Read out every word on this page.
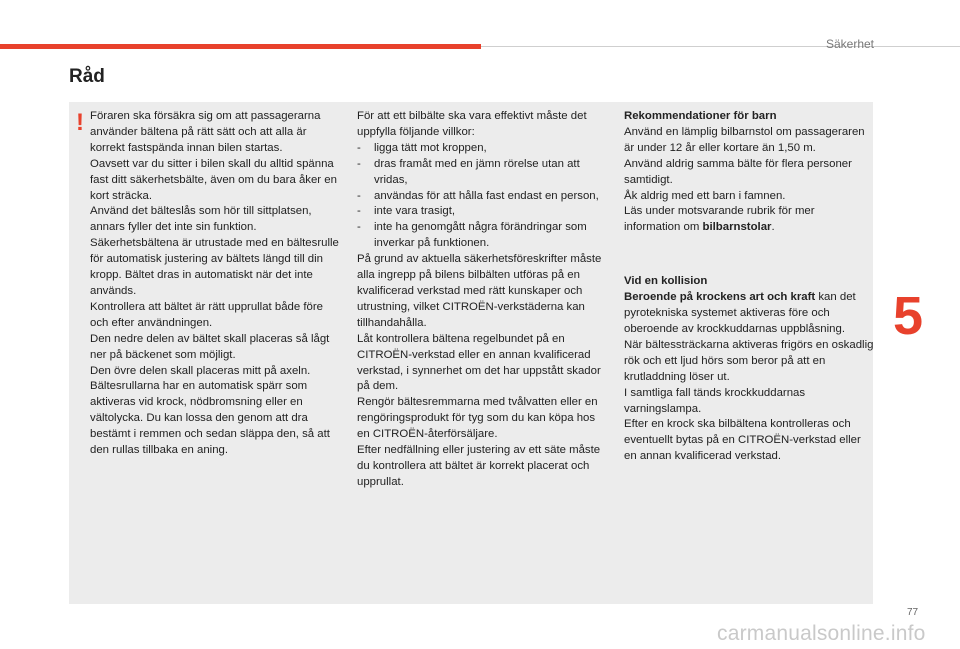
Säkerhet
Råd
! Föraren ska försäkra sig om att passagerarna använder bältena på rätt sätt och att alla är korrekt fastspända innan bilen startas.

Oavsett var du sitter i bilen skall du alltid spänna fast ditt säkerhetsbälte, även om du bara åker en kort sträcka.

Använd det bälteslås som hör till sittplatsen, annars fyller det inte sin funktion.

Säkerhetsbältena är utrustade med en bältesrulle för automatisk justering av bältets längd till din kropp. Bältet dras in automatiskt när det inte används.

Kontrollera att bältet är rätt upprullat både före och efter användningen.

Den nedre delen av bältet skall placeras så lågt ner på bäckenet som möjligt.

Den övre delen skall placeras mitt på axeln.

Bältesrullarna har en automatisk spärr som aktiveras vid krock, nödbromsning eller en vältolycka. Du kan lossa den genom att dra bestämt i remmen och sedan släppa den, så att den rullas tillbaka en aning.

För att ett bilbälte ska vara effektivt måste det uppfylla följande villkor:

-	ligga tätt mot kroppen,
-	dras framåt med en jämn rörelse utan att vridas,
-	användas för att hålla fast endast en person,
-	inte vara trasigt,
-	inte ha genomgått några förändringar som inverkar på funktionen.

På grund av aktuella säkerhetsföreskrifter måste alla ingrepp på bilens bilbälten utföras på en kvalificerad verkstad med rätt kunskaper och utrustning, vilket CITROËN-verkstäderna kan tillhandahålla.

Låt kontrollera bältena regelbundet på en CITROËN-verkstad eller en annan kvalificerad verkstad, i synnerhet om det har uppstått skador på dem.

Rengör bältesremmarna med tvålvatten eller en rengöringsprodukt för tyg som du kan köpa hos en CITROËN-återförsäljare.

Efter nedfällning eller justering av ett säte måste du kontrollera att bältet är korrekt placerat och upprullat.

Rekommendationer för barn

Använd en lämplig bilbarnstol om passageraren är under 12 år eller kortare än 1,50 m.

Använd aldrig samma bälte för flera personer samtidigt.

Åk aldrig med ett barn i famnen.

Läs under motsvarande rubrik för mer information om bilbarnstolar.

Vid en kollision

Beroende på krockens art och kraft kan det pyrotekniska systemet aktiveras före och oberoende av krockkuddarnas uppblåsning.

När bältessträckarna aktiveras frigörs en oskadlig rök och ett ljud hörs som beror på att en krutladdning löser ut.

I samtliga fall tänds krockkuddarnas varningslampa.

Efter en krock ska bilbältena kontrolleras och eventuellt bytas på en CITROËN-verkstad eller en annan kvalificerad verkstad.

5
77
carmanualsonline.info
